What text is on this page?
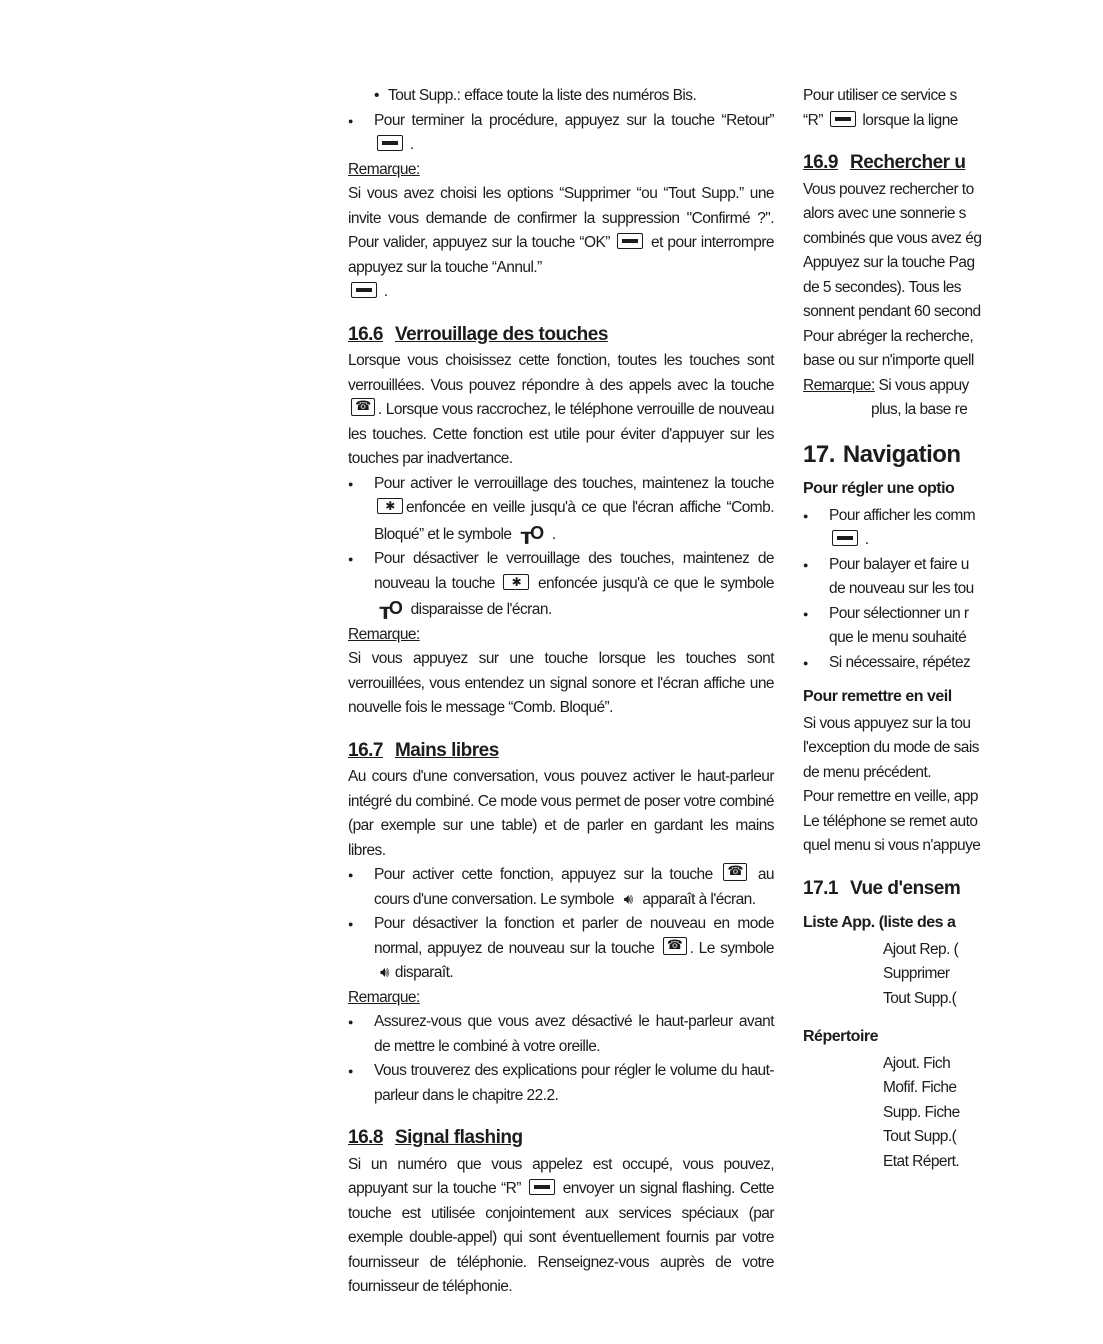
• Tout Supp.: efface toute la liste des numéros Bis.

● Pour terminer la procédure, appuyez sur la touche “Retour”  .

Remarque:

Si vous avez choisi les options “Supprimer “ou “Tout Supp.” une invite vous demande de confirmer la suppression "Confirmé ?". Pour valider, appuyez sur la touche “OK”	et pour interrompre appuyez sur la touche “Annul.”
.

16.6 Verrouillage des touches

Lorsque vous choisissez cette fonction, toutes les touches sont verrouillées. Vous pouvez répondre à des appels avec la touche ☎. Lorsque vous raccrochez, le téléphone verrouille de nouveau les touches. Cette fonction est utile pour éviter d'appuyer sur les touches par inadvertance.

● Pour activer le verrouillage des touches, maintenez la touche ✱enfoncée en veille jusqu'à ce que l'écran affiche “Comb. Bloqué” et le symbole ┰O .

● Pour désactiver le verrouillage des touches, maintenez de nouveau la touche ✱	enfoncée jusqu'à ce que le symbole ┰O disparaisse de l'écran.

Remarque:

Si vous appuyez sur une touche lorsque les touches sont verrouillées, vous entendez un signal sonore et l'écran affiche une nouvelle fois le message “Comb. Bloqué”.

16.7 Mains libres

Au cours d'une conversation, vous pouvez activer le haut-parleur intégré du combiné. Ce mode vous permet de poser votre combiné (par exemple sur une table) et de parler en gardant les mains libres.

● Pour activer cette fonction, appuyez sur la touche ☎	au cours d'une conversation. Le symbole 🔊︎ apparaît à l'écran.

● Pour désactiver la fonction et parler de nouveau en mode normal, appuyez de nouveau sur la touche ☎ . Le symbole 🔊︎ disparaît.

Remarque:

● Assurez-vous que vous avez désactivé le haut-parleur avant de mettre le combiné à votre oreille.

● Vous trouverez des explications pour régler le volume du haut-parleur dans le chapitre 22.2.

16.8 Signal flashing

Si un numéro que vous appelez est occupé, vous pouvez, appuyant sur la touche “R”	envoyer un signal flashing. Cette touche est utilisée conjointement aux services spéciaux (par exemple double-appel) qui sont éventuellement fournis par votre fournisseur de téléphonie. Renseignez-vous auprès de votre fournisseur de téléphonie.

Pour utiliser ce service s

“R”	lorsque la ligne

16.9 Rechercher u

Vous pouvez rechercher to

alors avec une sonnerie s

combinés que vous avez ég

Appuyez sur la touche Pag

de 5 secondes). Tous les

sonnent pendant 60 second

Pour abréger la recherche,

base ou sur n'importe quell

Remarque: Si vous appuy

plus, la base re

17. Navigation
Pour régler une optio

● Pour afficher les comm

.

● Pour balayer et faire u
de nouveau sur les tou

● Pour sélectionner un r
que le menu souhaité

● Si nécessaire, répétez

Pour remettre en veil

Si vous appuyez sur la tou

l'exception du mode de sais

de menu précédent.

Pour remettre en veille, app

Le téléphone se remet auto

quel menu si vous n'appuye

17.1 Vue d'ensem
Liste App. (liste des a

Ajout Rep. (

Supprimer

Tout Supp.(

Répertoire

Ajout. Fich

Mofif. Fiche

Supp. Fiche

Tout Supp.(

Etat Répert.
